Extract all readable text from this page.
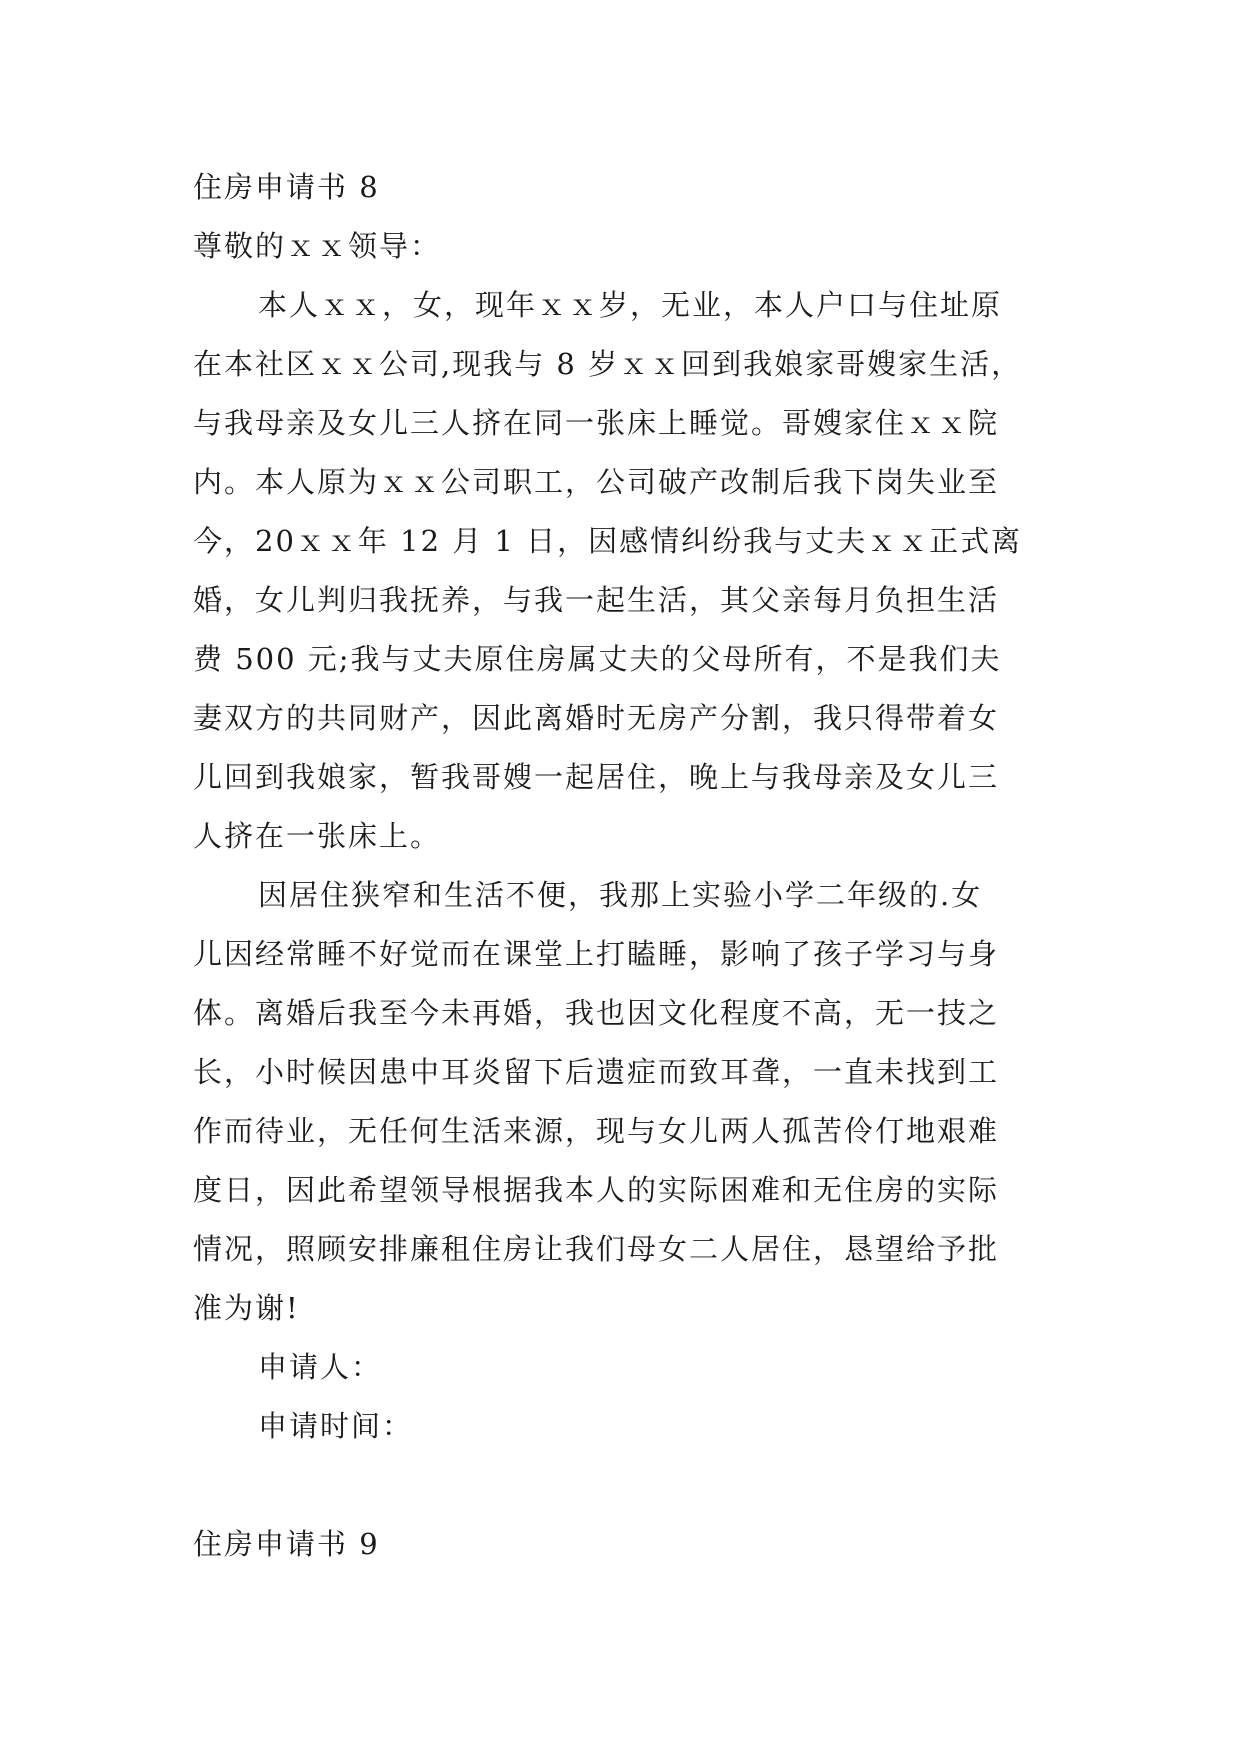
住房申请书 8
尊敬的ｘｘ领导：
本人ｘｘ，女，现年ｘｘ岁，无业，本人户口与住址原
在本社区ｘｘ公司,现我与 8 岁ｘｘ回到我娘家哥嫂家生活，
与我母亲及女儿三人挤在同一张床上睡觉。哥嫂家住ｘｘ院
内。本人原为ｘｘ公司职工，公司破产改制后我下岗失业至
今，20ｘｘ年 12 月 1 日，因感情纠纷我与丈夫ｘｘ正式离
婚，女儿判归我抚养，与我一起生活，其父亲每月负担生活
费 500 元;我与丈夫原住房属丈夫的父母所有，不是我们夫
妻双方的共同财产，因此离婚时无房产分割，我只得带着女
儿回到我娘家，暂我哥嫂一起居住，晚上与我母亲及女儿三
人挤在一张床上。
因居住狭窄和生活不便，我那上实验小学二年级的.女
儿因经常睡不好觉而在课堂上打瞌睡，影响了孩子学习与身
体。离婚后我至今未再婚，我也因文化程度不高，无一技之
长，小时候因患中耳炎留下后遗症而致耳聋，一直未找到工
作而待业，无任何生活来源，现与女儿两人孤苦伶仃地艰难
度日，因此希望领导根据我本人的实际困难和无住房的实际
情况，照顾安排廉租住房让我们母女二人居住，恳望给予批
准为谢!
申请人：
申请时间：
住房申请书 9
